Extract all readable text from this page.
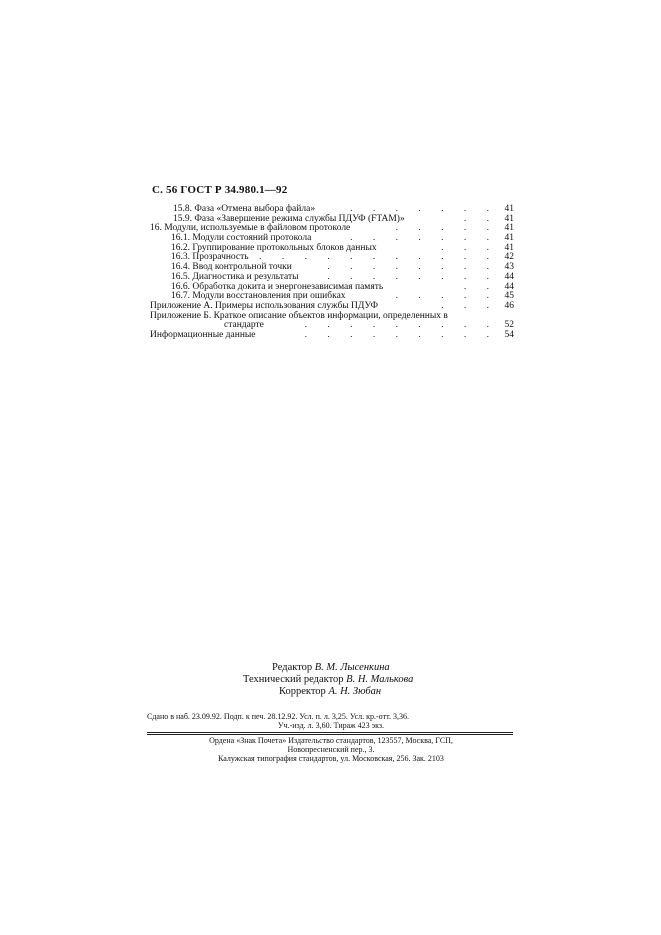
С. 56 ГОСТ Р 34.980.1—92
15.8. Фаза «Отмена выбора файла»	. . . . . . . 41
15.9. Фаза «Завершение режима службы ПДУФ (FTAM)»	. . 41
16. Модули, используемые в файловом протоколе	. . . . . 41
16.1. Модули состояний протокола	. . . . . . . 41
16.2. Группирование протокольных блоков данных	. . . 41
16.3. Прозрачность . . . . . . . . . . . 42
16.4. Ввод контрольной точки	. . . . . . . . 43
16.5. Диагностика и результаты	. . . . . . . . 44
16.6. Обработка докита и энергонезависимая память	. . 44
16.7. Модули восстановления при ошибках	. . . . . 45
Приложение А. Примеры использования службы ПДУФ	. . . 46
Приложение Б. Краткое описание объектов информации, определенных в
стандарте	. . . . . . . . . 52
Информационные данные	. . . . . . . . . 54
Редактор В. М. Лысенкина
Технический редактор В. Н. Малькова
Корректор А. Н. Зюбан
Сдано в наб. 23.09.92. Подп. к печ. 28.12.92. Усл. п. л. 3,25. Усл. кр.-отт. 3,36.
Уч.-изд. л. 3,60. Тираж 423 экз.
Ордена «Знак Почета» Издательство стандартов, 123557, Москва, ГСП,
Новопресненский пер., 3.
Калужская типография стандартов, ул. Московская, 256. Зак. 2103
